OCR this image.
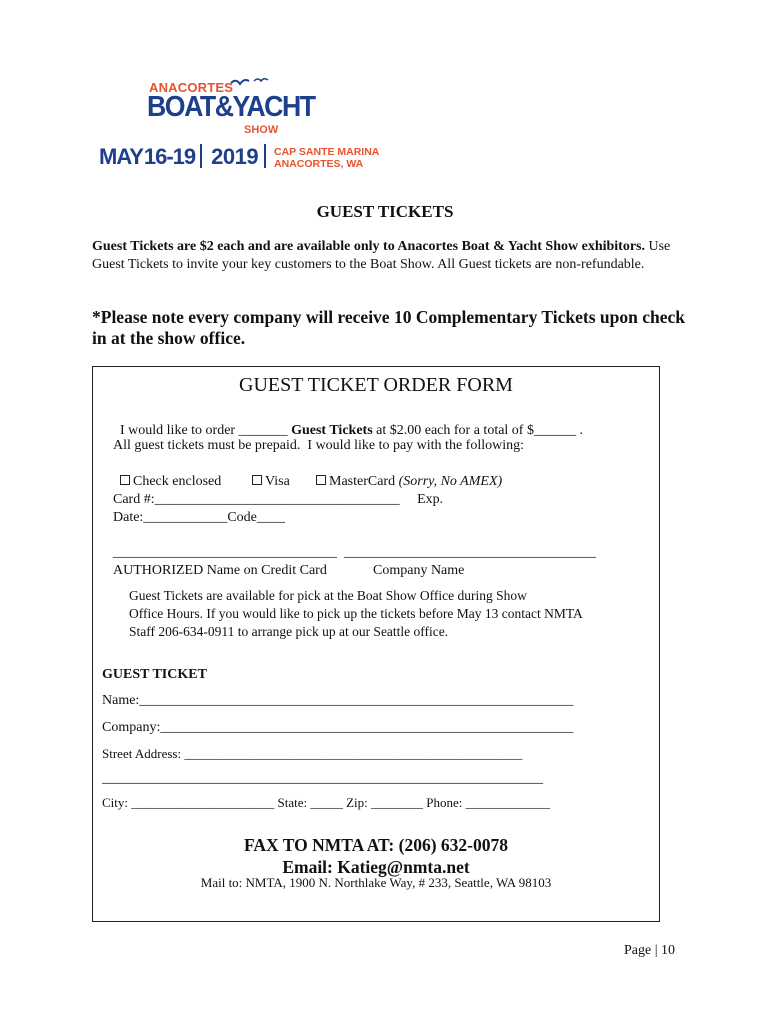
ANACORTES
BOAT&YACHT
SHOW
MAY16-19 2019	CAP SANTE MARINA
ANACORTES, WA
GUEST TICKETS
Guest Tickets are $2 each and are available only to Anacortes Boat & Yacht Show exhibitors. Use Guest Tickets to invite your key customers to the Boat Show. All Guest tickets are non-refundable.
*Please note every company will receive 10 Complementary Tickets upon check in at the show office.
GUEST TICKET ORDER FORM

I would like to order _______ Guest Tickets at $2.00 each for a total of $______ .

All guest tickets must be prepaid.  I would like to pay with the following:

Check enclosed	Visa	MasterCard (Sorry, No AMEX)

Card #:___________________________________     Exp.
Date:____________Code____
________________________________  ____________________________________
AUTHORIZED Name on Credit Card	Company Name
Guest Tickets are available for pick at the Boat Show Office during Show
Office Hours. If you would like to pick up the tickets before May 13 contact NMTA
Staff 206-634-0911 to arrange pick up at our Seattle office.
GUEST TICKET
Name:______________________________________________________________
Company:___________________________________________________________
Street Address: ____________________________________________________
_______________________________________________________________
City: ______________________ State: _____ Zip: ________ Phone: _____________
FAX TO NMTA AT: (206) 632-0078
Email: Katieg@nmta.net
Mail to: NMTA, 1900 N. Northlake Way, # 233, Seattle, WA 98103
Page | 10
